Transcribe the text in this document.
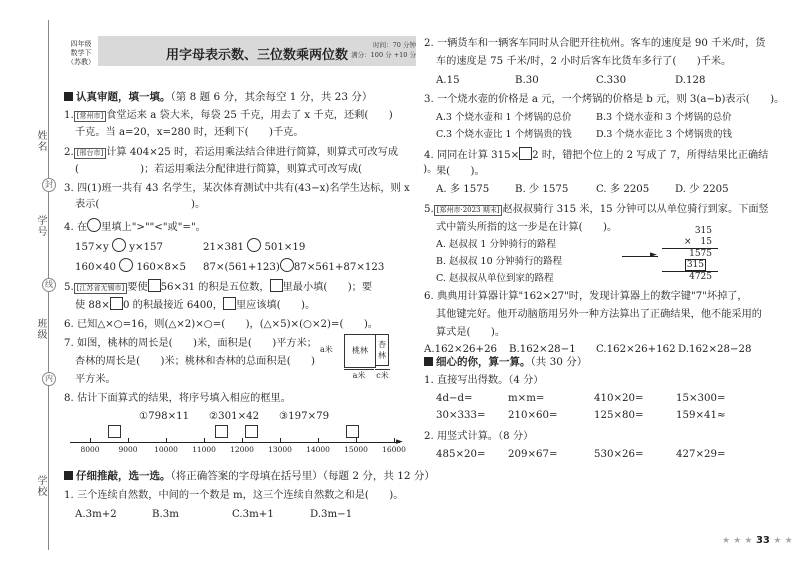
姓名
封
学号
线
班级
内
学校
四年级
数学下
（苏教）	用字母表示数、三位数乘两位数
时间：70 分钟
满分：100 分 +10 分
认真审题，填一填。（第 8 题 6 分，其余每空 1 分，共 23 分）
1. [常州市] 食堂运来 a 袋大米，每袋 25 千克，用去了 x 千克，还剩(　　)
千克。当 a=20，x=280 时，还剩下(　　)千克。
2. [邢台市] 计算 404×25 时，若运用乘法结合律进行简算，则算式可改写成
(　　　　　　)；若运用乘法分配律进行简算，则算式可改写成(　　　　　　)。
3. 四(1)班一共有 43 名学生，某次体育测试中共有(43−x)名学生达标，则 x
表示(　　　　　　　　　)。
4. 在 里填上">""<"或"="。
157×y y×157	21×381 501×19
160×40 160×8×5 87×(561+123) 87×561+87×123
5. [江苏省无锡市] 要使 56×31 的积是五位数， 里最小填(　　)；要
使 88× 0 的积最接近 6400， 里应该填(　　)。
6. 已知△×○=16，则(△×2)×○=(　　)，(△×5)×(○×2)=(　　)。
7. 如图，桃林的周长是(　　)米，面积是(　　)平方米；
杏林的周长是(　　)米；桃林和杏林的总面积是(　　)
平方米。
a米	桃林
杏
林
a米	c米
8. 估计下面算式的结果，将序号填入相应的框里。
①798×11 ②301×42 ③197×79
►
8000	9000	10000 11000 12000 13000 14000 15000 16000
仔细推敲，选一选。（将正确答案的字母填在括号里）（每题 2 分，共 12 分）
1. 三个连续自然数，中间的一个数是 m，这三个连续自然数之和是(　　)。
A.3m+2	B.3m	C.3m+1	D.3m−1
2. 一辆货车和一辆客车同时从合肥开往杭州。客车的速度是 90 千米/时，货
车的速度是 75 千米/时，2 小时后客车比货车多行了(　　)千米。
A.15	B.30	C.330	D.128
3. 一个烧水壶的价格是 a 元，一个烤锅的价格是 b 元，则 3(a−b)表示(　　)。
A.3 个烧水壶和 1 个烤锅的总价	B.3 个烧水壶和 3 个烤锅的总价
C.3 个烧水壶比 1 个烤锅贵的钱	D.3 个烧水壶比 3 个烤锅贵的钱
4. 同同在计算 315× 2 时，错把个位上的 2 写成了 7，所得结果比正确结
果(　　)。
A. 多 1575	B. 少 1575	C. 多 2205	D. 少 2205
5. [郑州市·2023 期末] 赵叔叔骑行 315 米，15 分钟可以从单位骑行到家。下面竖
式中箭头所指的这一步是在计算(　　)。
A. 赵叔叔 1 分钟骑行的路程
B. 赵叔叔 10 分钟骑行的路程
C. 赵叔叔从单位到家的路程
315
×　15
1575
315
4725
►
6. 典典用计算器计算"162×27"时，发现计算器上的数字键"7"坏掉了，
其他键完好。他开动脑筋用另外一种方法算出了正确结果，他不能采用的
算式是(　　)。
A.162×26+26 B.162×28−1 C.162×26+162 D.162×28−28
细心的你，算一算。（共 30 分）
1. 直接写出得数。（4 分）
4d−d=	m×m=	410×20=	15×300=
30×333= 210×60=	125×80=	159×41≈
2. 用竖式计算。（8 分）
485×20= 209×67=	530×26=	427×29=
★ ★ ★ 33 ★ ★
